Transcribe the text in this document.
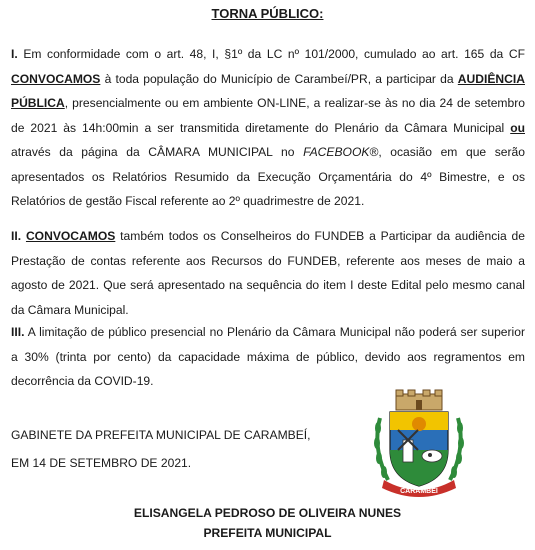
TORNA PÚBLICO:

I. Em conformidade com o art. 48, I, §1º da LC nº 101/2000, cumulado ao art. 165 da CF CONVOCAMOS à toda população do Município de Carambeí/PR, a participar da AUDIÊNCIA PÚBLICA, presencialmente ou em ambiente ON-LINE, a realizar-se às no dia 24 de setembro de 2021 às 14h:00min a ser transmitida diretamente do Plenário da Câmara Municipal ou através da página da CÂMARA MUNICIPAL no FACEBOOK®, ocasião em que serão apresentados os Relatórios Resumido da Execução Orçamentária do 4º Bimestre, e os Relatórios de gestão Fiscal referente ao 2º quadrimestre de 2021.

II. CONVOCAMOS também todos os Conselheiros do FUNDEB a Participar da audiência de Prestação de contas referente aos Recursos do FUNDEB, referente aos meses de maio a agosto de 2021. Que será apresentado na sequência do item I deste Edital pelo mesmo canal da Câmara Municipal.

III. A limitação de público presencial no Plenário da Câmara Municipal não poderá ser superior a 30% (trinta por cento) da capacidade máxima de público, devido aos regramentos em decorrência da COVID-19.

GABINETE DA PREFEITA MUNICIPAL DE CARAMBEÍ,
EM 14 DE SETEMBRO DE 2021.
CARAMBEÍ
ELISANGELA PEDROSO DE OLIVEIRA NUNES
PREFEITA MUNICIPAL
